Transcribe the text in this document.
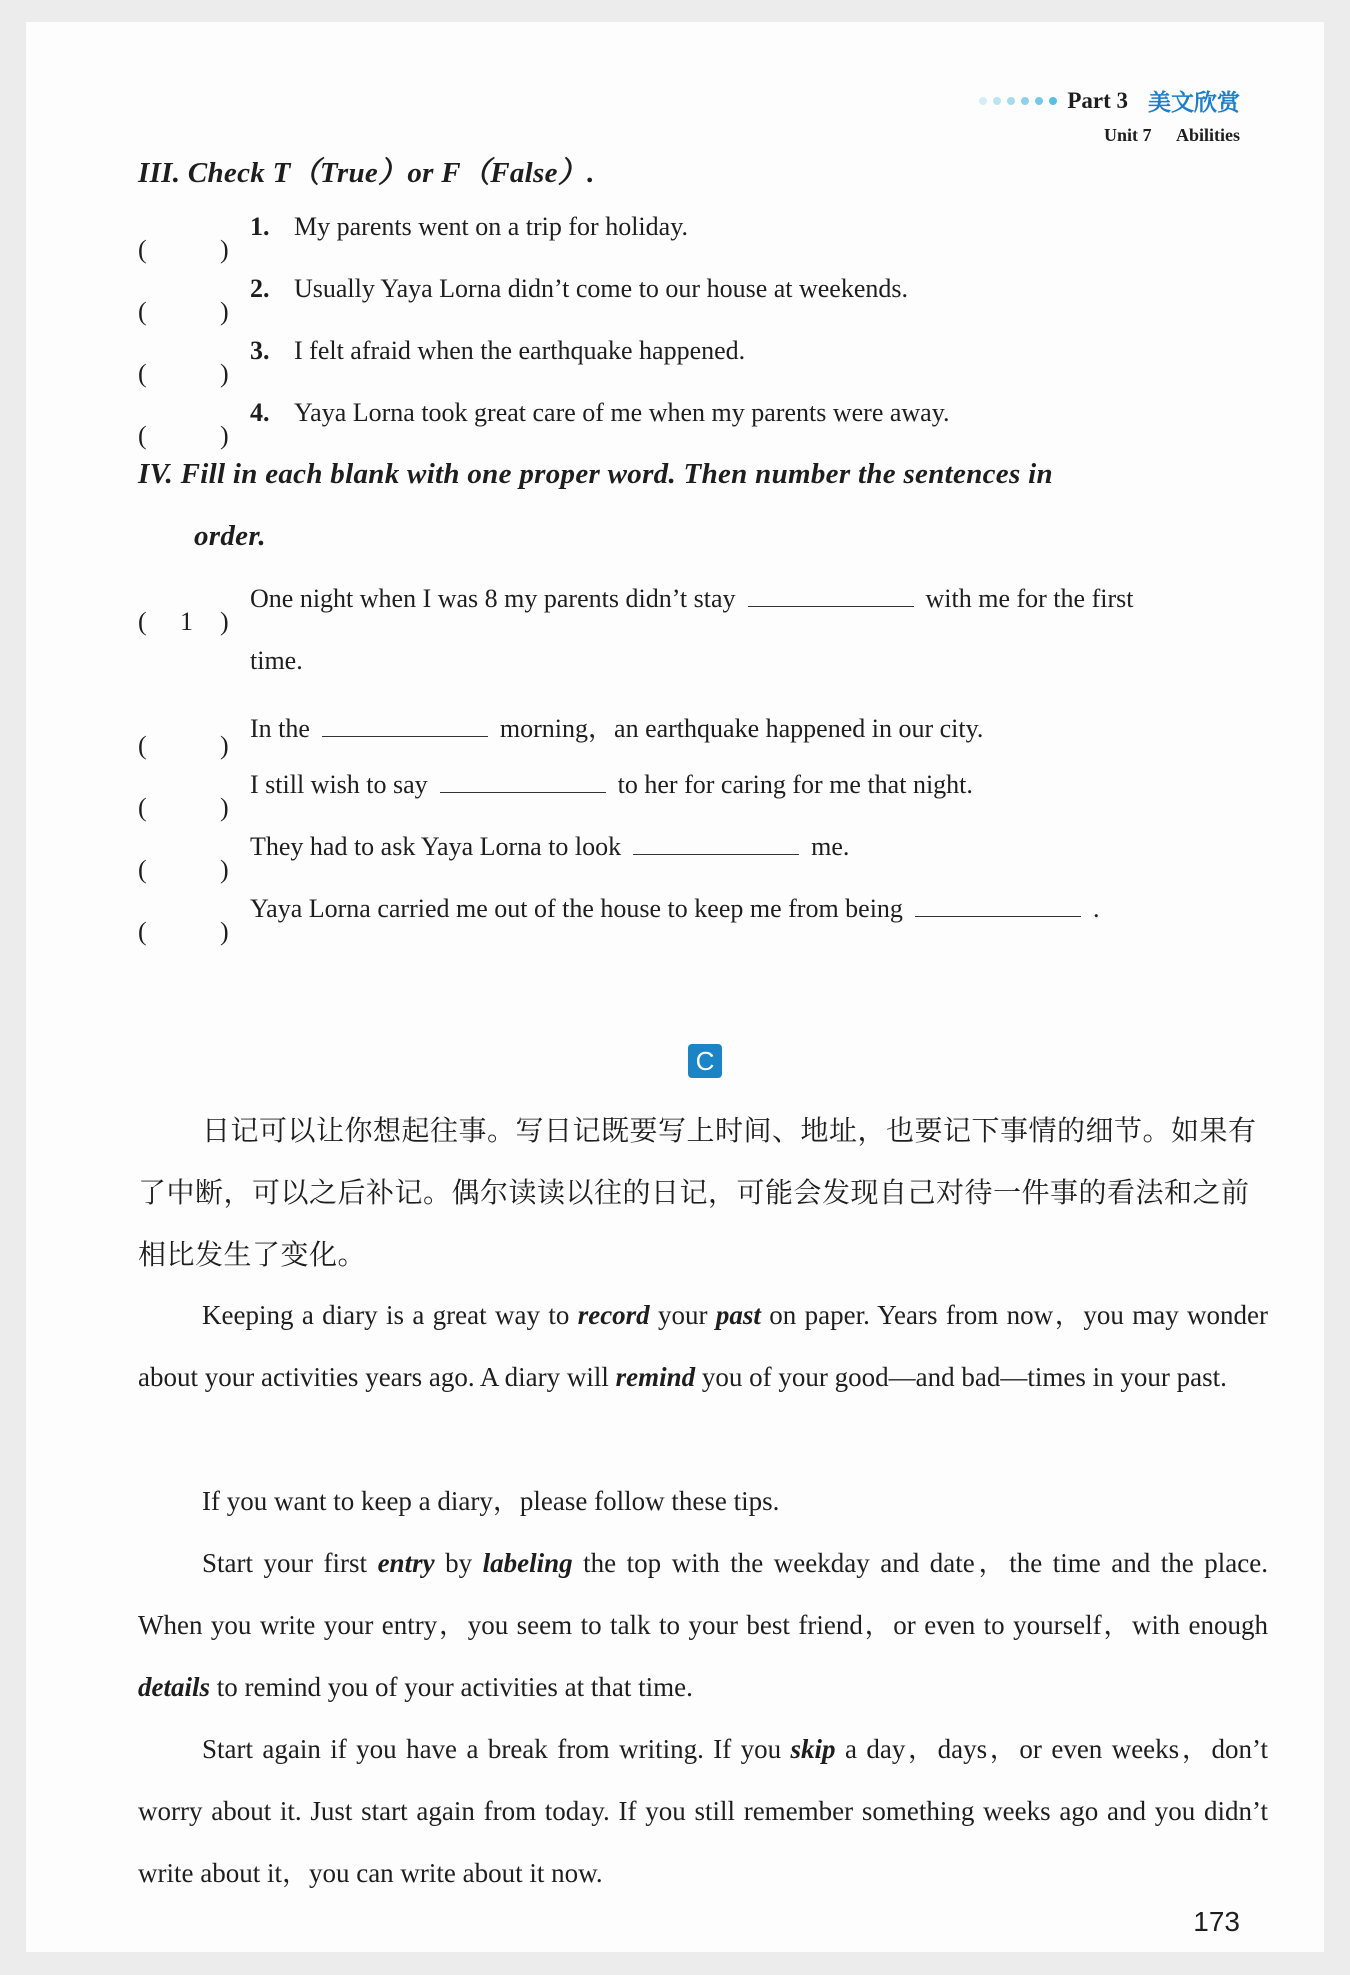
Part 3 美文欣赏
Unit 7 Abilities
III. Check T（True）or F（False）.
(	)
1. My parents went on a trip for holiday.
(	)
2. Usually Yaya Lorna didn’t come to our house at weekends.
(	)
3. I felt afraid when the earthquake happened.
(	)
4. Yaya Lorna took great care of me when my parents were away.
IV. Fill in each blank with one proper word. Then number the sentences in
order.
( 1 )
One night when I was 8 my parents didn’t stay	with me for the first
time.
(	)
In the	morning，an earthquake happened in our city.
(	)
I still wish to say	to her for caring for me that night.
(	)
They had to ask Yaya Lorna to look	me.
(	)
Yaya Lorna carried me out of the house to keep me from being	.
C
日记可以让你想起往事。写日记既要写上时间、地址，也要记下事情的细节。如果有了中断，可以之后补记。偶尔读读以往的日记，可能会发现自己对待一件事的看法和之前相比发生了变化。
Keeping a diary is a great way to record your past on paper. Years from now，you may wonder about your activities years ago. A diary will remind you of your good—and bad—times in your past.
If you want to keep a diary，please follow these tips.
Start your first entry by labeling the top with the weekday and date，the time and the place. When you write your entry，you seem to talk to your best friend，or even to yourself，with enough details to remind you of your activities at that time.
Start again if you have a break from writing. If you skip a day，days，or even weeks，don’t worry about it. Just start again from today. If you still remember something weeks ago and you didn’t write about it，you can write about it now.
173
